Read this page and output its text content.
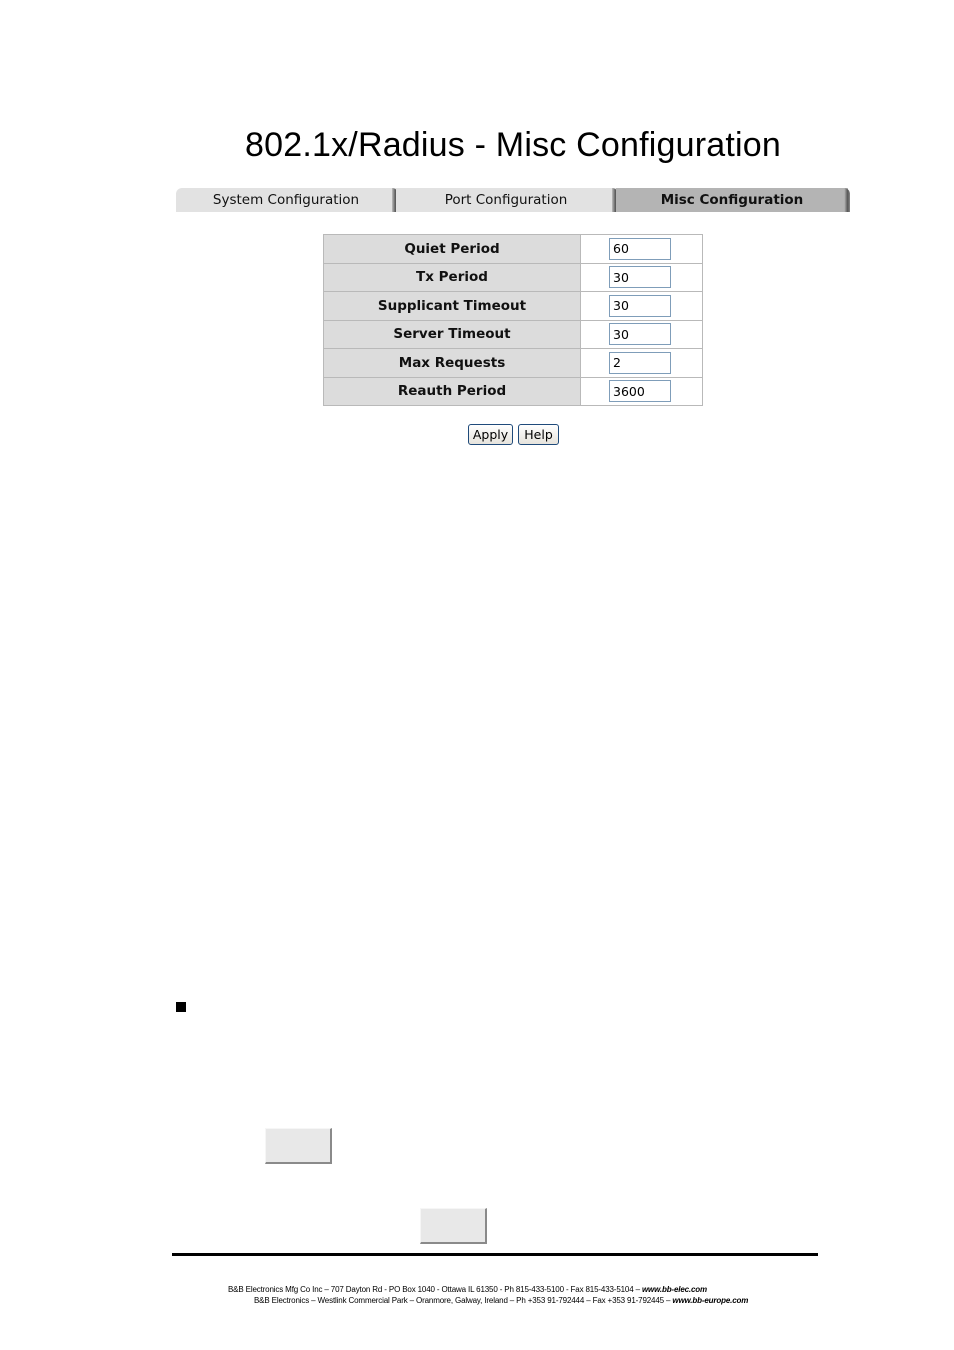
802.1x/Radius - Misc Configuration
System Configuration	Port Configuration	Misc Configuration
Quiet Period	60
Tx Period	30
Supplicant Timeout	30
Server Timeout	30
Max Requests	2
Reauth Period	3600
Apply	Help
B&B Electronics Mfg Co Inc – 707 Dayton Rd - PO Box 1040 - Ottawa IL 61350 - Ph 815-433-5100 - Fax 815-433-5104 – www.bb-elec.com
B&B Electronics – Westlink Commercial Park – Oranmore, Galway, Ireland – Ph +353 91-792444 – Fax +353 91-792445 – www.bb-europe.com
